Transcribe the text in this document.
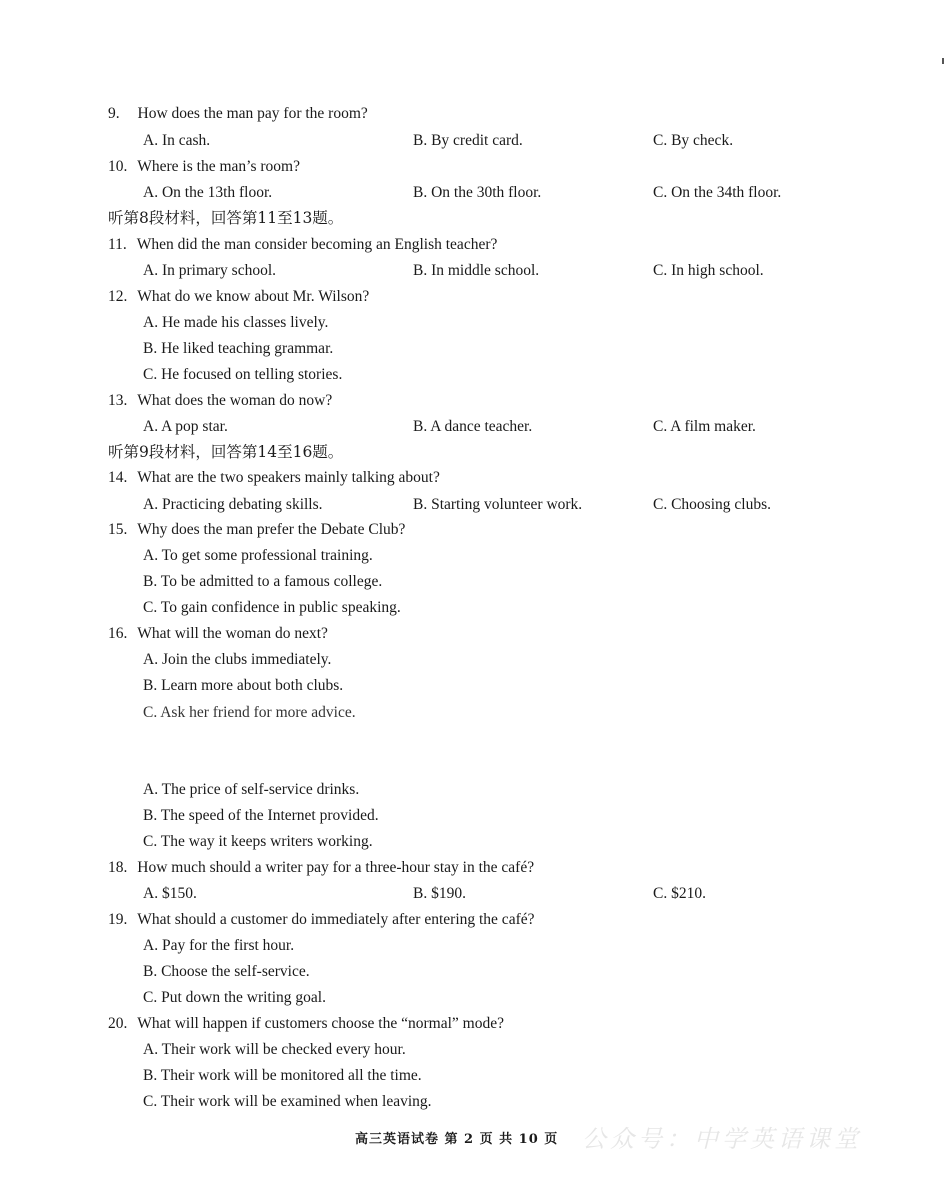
9. How does the man pay for the room?
A. In cash.	B. By credit card.	C. By check.
10. Where is the man’s room?
A. On the 13th floor.	B. On the 30th floor.	C. On the 34th floor.
听第8段材料，回答第11至13题。
11. When did the man consider becoming an English teacher?
A. In primary school.	B. In middle school.	C. In high school.
12. What do we know about Mr. Wilson?
A. He made his classes lively.
B. He liked teaching grammar.
C. He focused on telling stories.
13. What does the woman do now?
A. A pop star.	B. A dance teacher.	C. A film maker.
听第9段材料，回答第14至16题。
14. What are the two speakers mainly talking about?
A. Practicing debating skills.	B. Starting volunteer work.	C. Choosing clubs.
15. Why does the man prefer the Debate Club?
A. To get some professional training.
B. To be admitted to a famous college.
C. To gain confidence in public speaking.
16. What will the woman do next?
A. Join the clubs immediately.
B. Learn more about both clubs.
C. Ask her friend for more advice.
A. The price of self-service drinks.
B. The speed of the Internet provided.
C. The way it keeps writers working.
18. How much should a writer pay for a three-hour stay in the café?
A. $150.	B. $190.	C. $210.
19. What should a customer do immediately after entering the café?
A. Pay for the first hour.
B. Choose the self-service.
C. Put down the writing goal.
20. What will happen if customers choose the “normal” mode?
A. Their work will be checked every hour.
B. Their work will be monitored all the time.
C. Their work will be examined when leaving.
高三英语试卷 第 2 页 共 10 页 公众号：中学英语课堂
